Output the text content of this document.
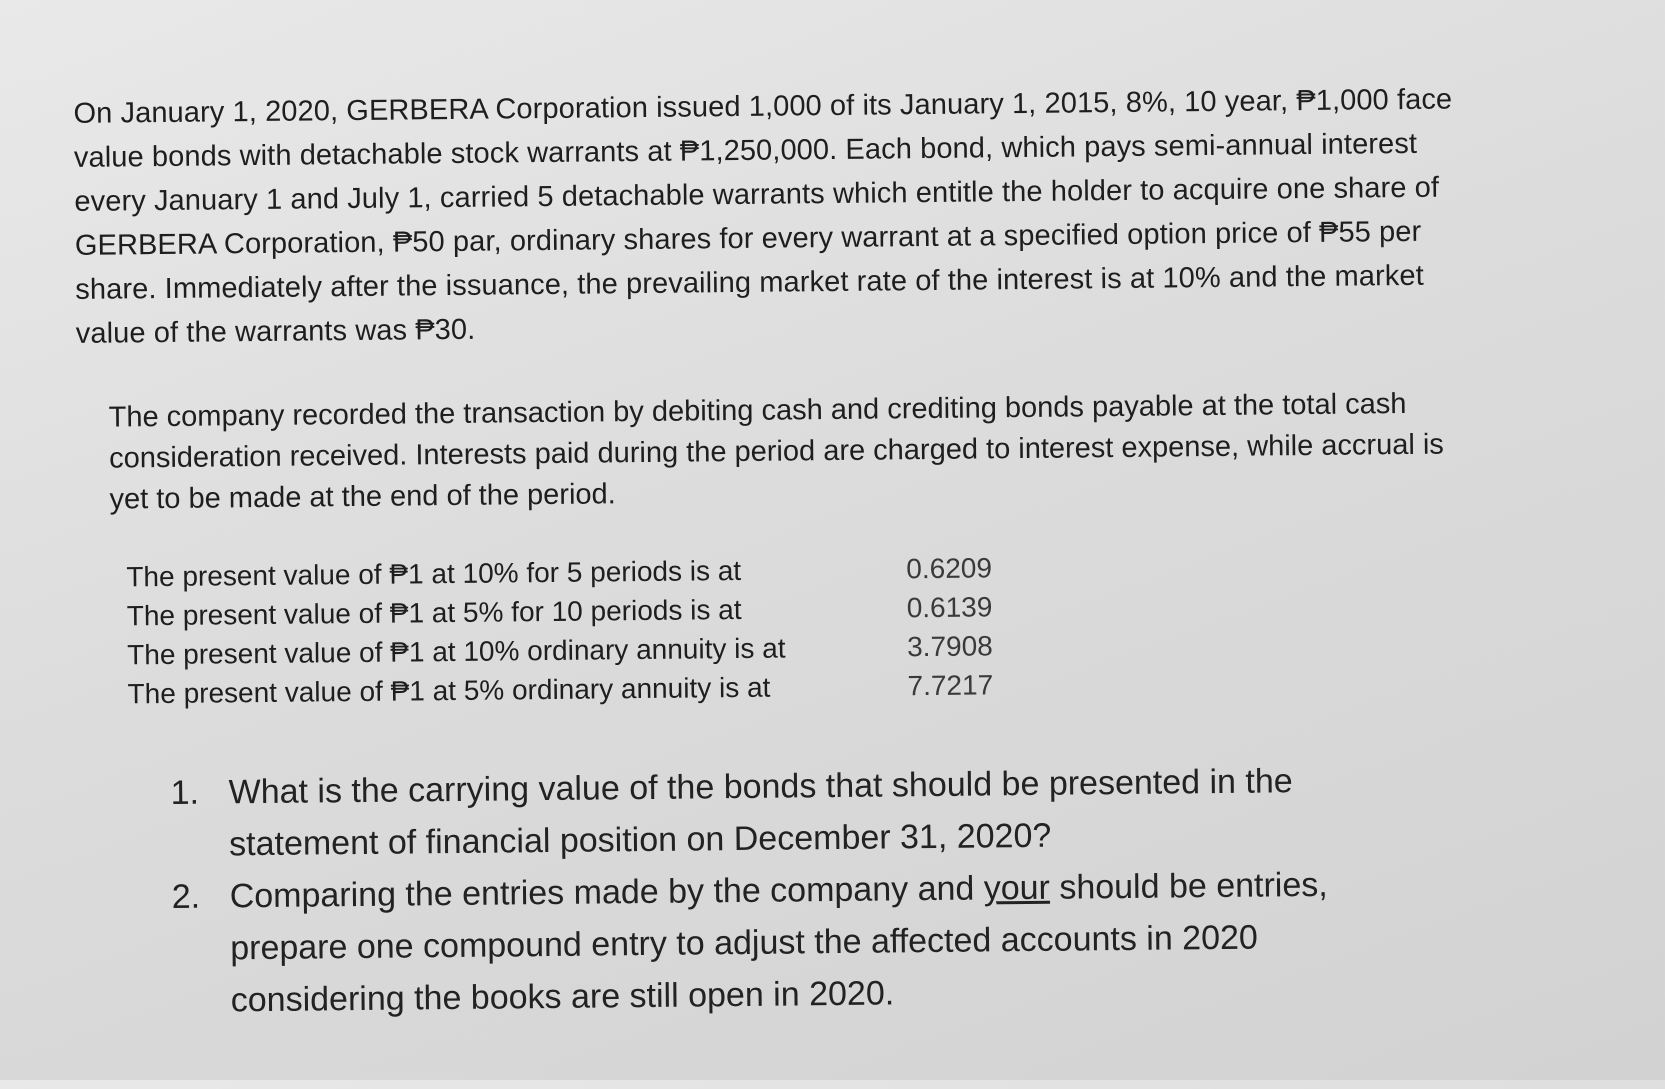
On January 1, 2020, GERBERA Corporation issued 1,000 of its January 1, 2015, 8%, 10 year, ₱1,000 face
value bonds with detachable stock warrants at ₱1,250,000. Each bond, which pays semi-annual interest
every January 1 and July 1, carried 5 detachable warrants which entitle the holder to acquire one share of
GERBERA Corporation, ₱50 par, ordinary shares for every warrant at a specified option price of ₱55 per
share. Immediately after the issuance, the prevailing market rate of the interest is at 10% and the market
value of the warrants was ₱30.
The company recorded the transaction by debiting cash and crediting bonds payable at the total cash
consideration received. Interests paid during the period are charged to interest expense, while accrual is
yet to be made at the end of the period.
The present value of ₱1 at 10% for 5 periods is at	0.6209
The present value of ₱1 at 5% for 10 periods is at	0.6139
The present value of ₱1 at 10% ordinary annuity is at	3.7908
The present value of ₱1 at 5% ordinary annuity is at	7.7217
1. What is the carrying value of the bonds that should be presented in the
statement of financial position on December 31, 2020?
2. Comparing the entries made by the company and your should be entries,
prepare one compound entry to adjust the affected accounts in 2020
considering the books are still open in 2020.
